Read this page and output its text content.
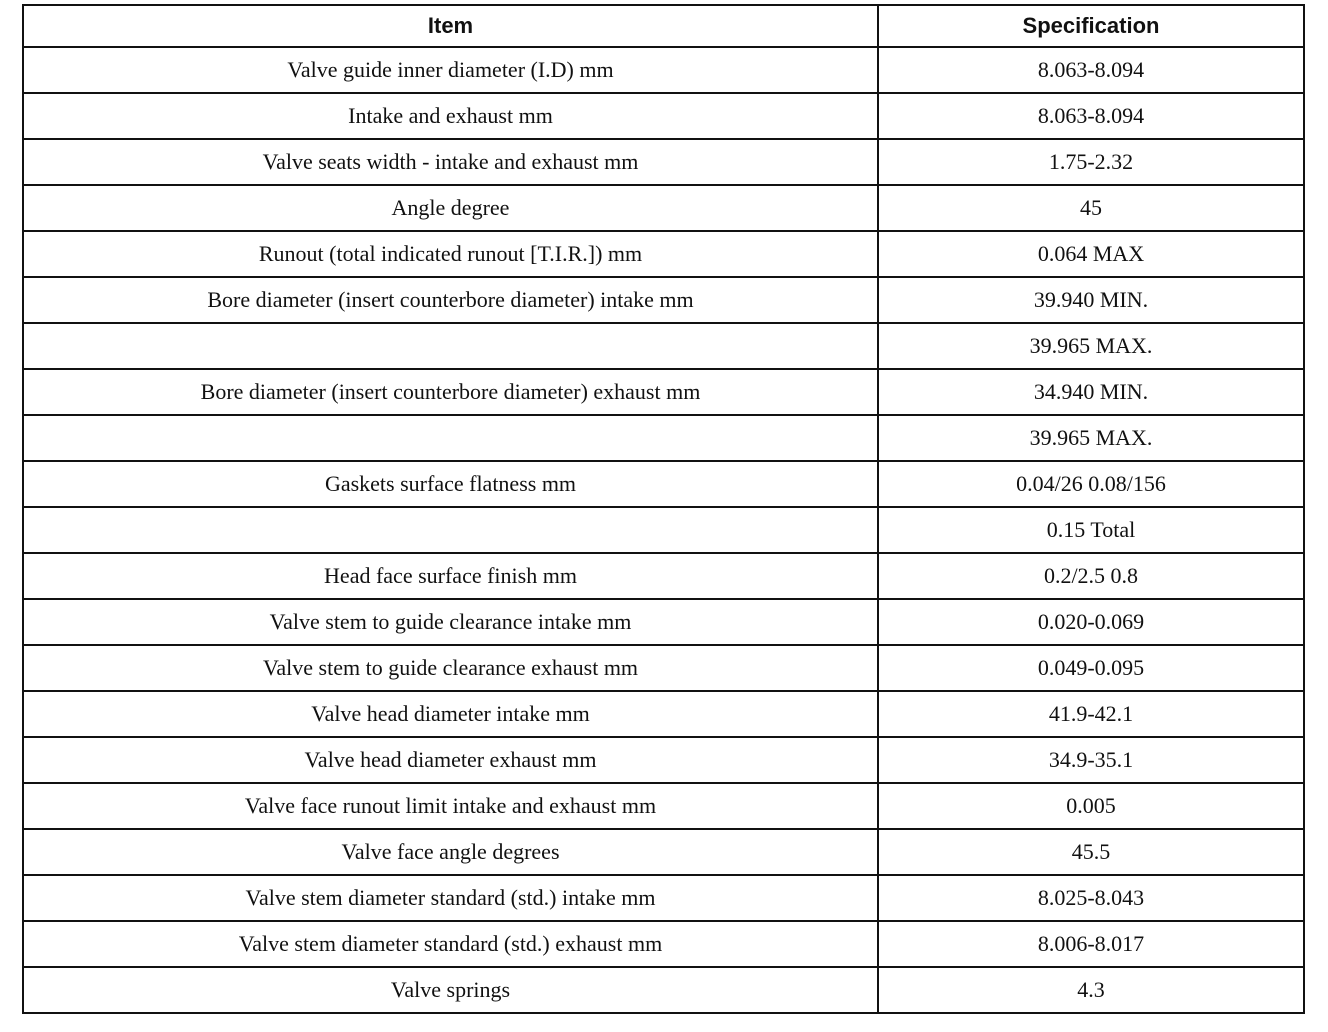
Item	Specification
Valve guide inner diameter (I.D) mm	8.063-8.094
Intake and exhaust mm	8.063-8.094
Valve seats width - intake and exhaust mm	1.75-2.32
Angle degree	45
Runout (total indicated runout [T.I.R.]) mm	0.064 MAX
Bore diameter (insert counterbore diameter) intake mm	39.940 MIN.
	39.965 MAX.
Bore diameter (insert counterbore diameter) exhaust mm	34.940 MIN.
	39.965 MAX.
Gaskets surface flatness mm	0.04/26 0.08/156
	0.15 Total
Head face surface finish mm	0.2/2.5 0.8
Valve stem to guide clearance intake mm	0.020-0.069
Valve stem to guide clearance exhaust mm	0.049-0.095
Valve head diameter intake mm	41.9-42.1
Valve head diameter exhaust mm	34.9-35.1
Valve face runout limit intake and exhaust mm	0.005
Valve face angle degrees	45.5
Valve stem diameter standard (std.) intake mm	8.025-8.043
Valve stem diameter standard (std.) exhaust mm	8.006-8.017
Valve springs	4.3
